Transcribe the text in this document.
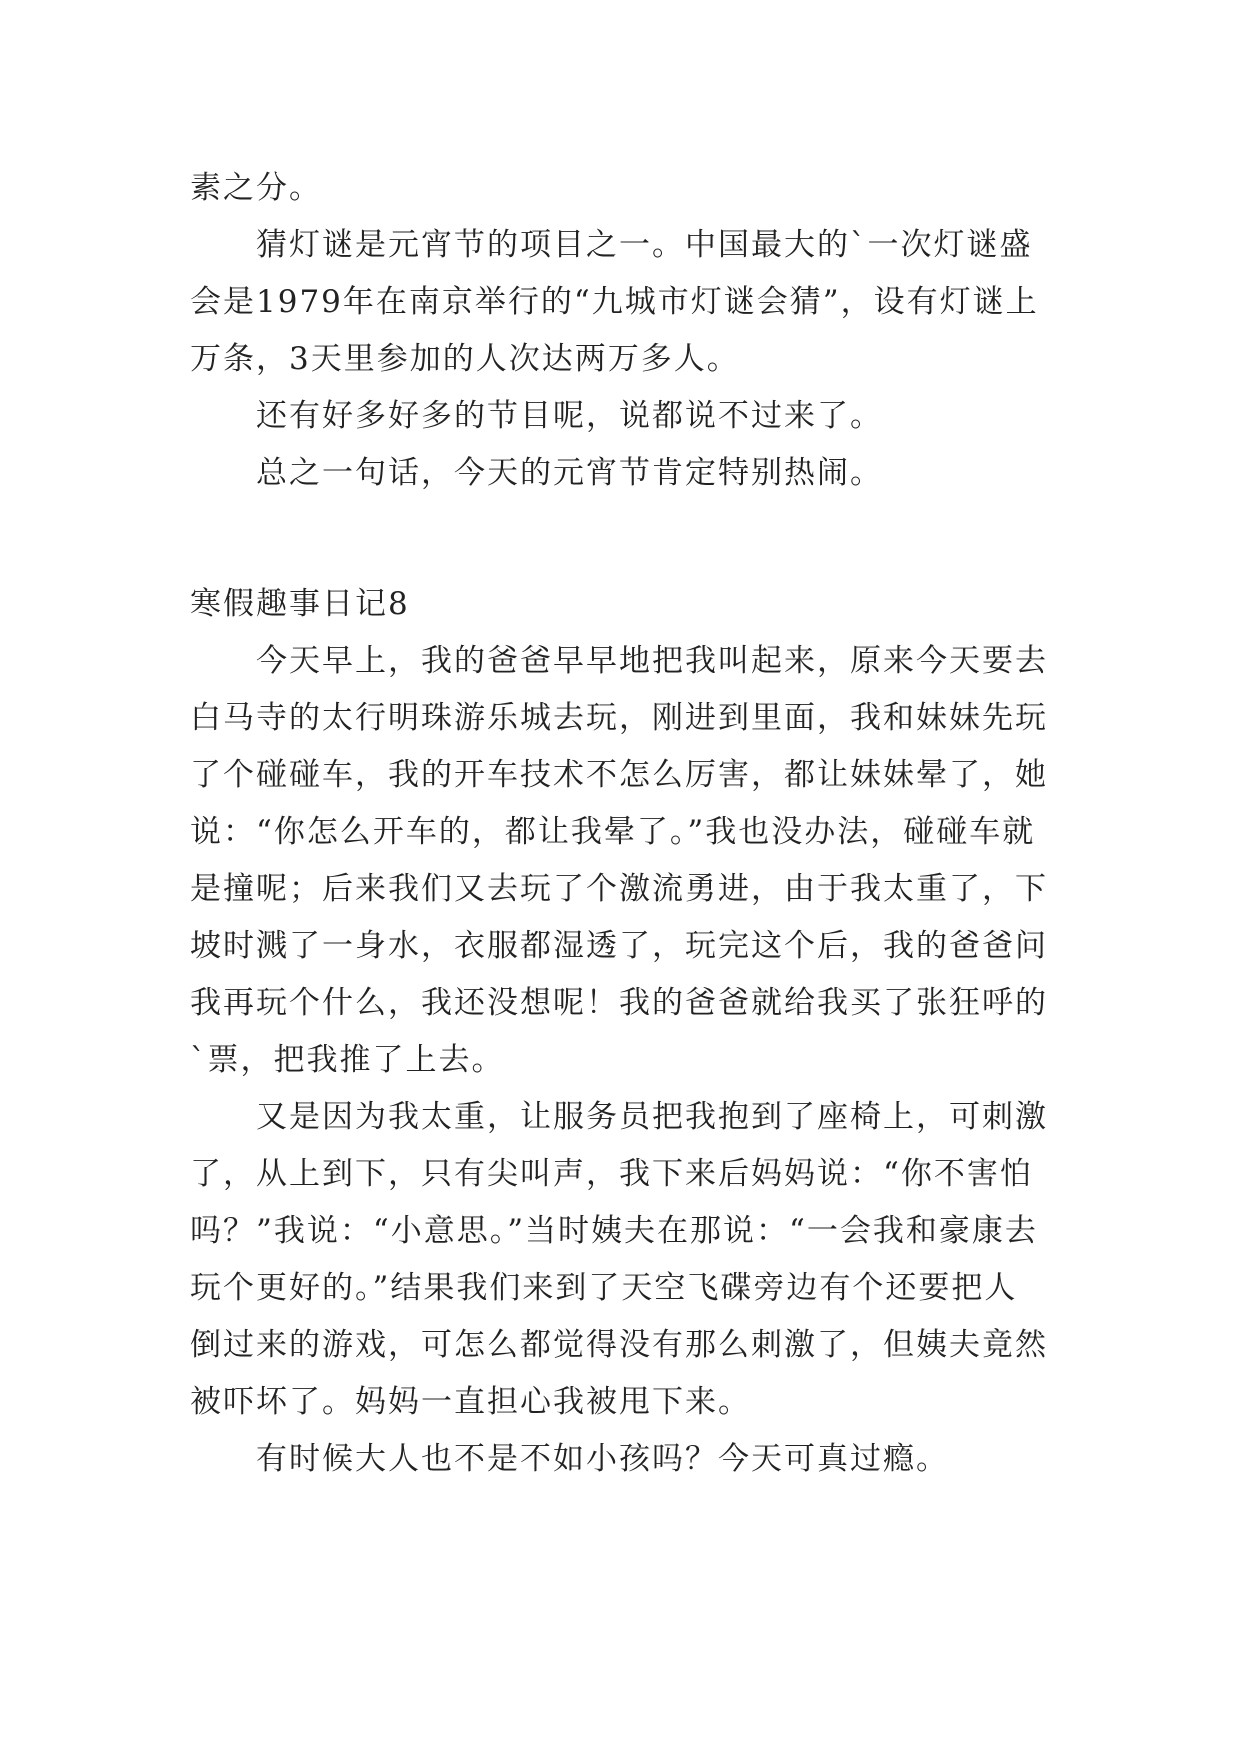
素之分。

猜灯谜是元宵节的项目之一。中国最大的`一次灯谜盛会是1979年在南京举行的“九城市灯谜会猜”，设有灯谜上万条，3天里参加的人次达两万多人。

还有好多好多的节目呢，说都说不过来了。

总之一句话，今天的元宵节肯定特别热闹。

寒假趣事日记8

今天早上，我的爸爸早早地把我叫起来，原来今天要去白马寺的太行明珠游乐城去玩，刚进到里面，我和妹妹先玩了个碰碰车，我的开车技术不怎么厉害，都让妹妹晕了，她说：“你怎么开车的，都让我晕了。”我也没办法，碰碰车就是撞呢；后来我们又去玩了个激流勇进，由于我太重了，下坡时溅了一身水，衣服都湿透了，玩完这个后，我的爸爸问我再玩个什么，我还没想呢！我的爸爸就给我买了张狂呼的`票，把我推了上去。

又是因为我太重，让服务员把我抱到了座椅上，可刺激了，从上到下，只有尖叫声，我下来后妈妈说：“你不害怕吗？”我说：“小意思。”当时姨夫在那说：“一会我和豪康去玩个更好的。”结果我们来到了天空飞碟旁边有个还要把人倒过来的游戏，可怎么都觉得没有那么刺激了，但姨夫竟然被吓坏了。妈妈一直担心我被甩下来。

有时候大人也不是不如小孩吗？今天可真过瘾。
